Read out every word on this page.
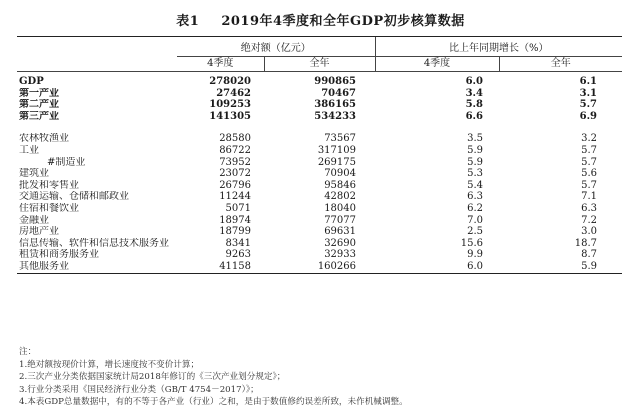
表1 2019年4季度和全年GDP初步核算数据
	绝对额（亿元）		比上年同期增长（%）	
	4季度	全年	4季度	全年

GDP	278020	990865	6.0	6.1
第一产业	27462	70467	3.4	3.1
第二产业	109253	386165	5.8	5.7
第三产业	141305	534233	6.6	6.9

农林牧渔业	28580	73567	3.5	3.2
工业	86722	317109	5.9	5.7
#制造业	73952	269175	5.9	5.7
建筑业	23072	70904	5.3	5.6
批发和零售业	26796	95846	5.4	5.7
交通运输、仓储和邮政业	11244	42802	6.3	7.1
住宿和餐饮业	5071	18040	6.2	6.3
金融业	18974	77077	7.0	7.2
房地产业	18799	69631	2.5	3.0
信息传输、软件和信息技术服务业	8341	32690	15.6	18.7
租赁和商务服务业	9263	32933	9.9	8.7
其他服务业	41158	160266	6.0	5.9
注：
1.绝对额按现价计算，增长速度按不变价计算；
2.三次产业分类依据国家统计局2018年修订的《三次产业划分规定》；
3.行业分类采用《国民经济行业分类（GB/T 4754－2017）》；
4.本表GDP总量数据中，有的不等于各产业（行业）之和，是由于数值修约误差所致，未作机械调整。
